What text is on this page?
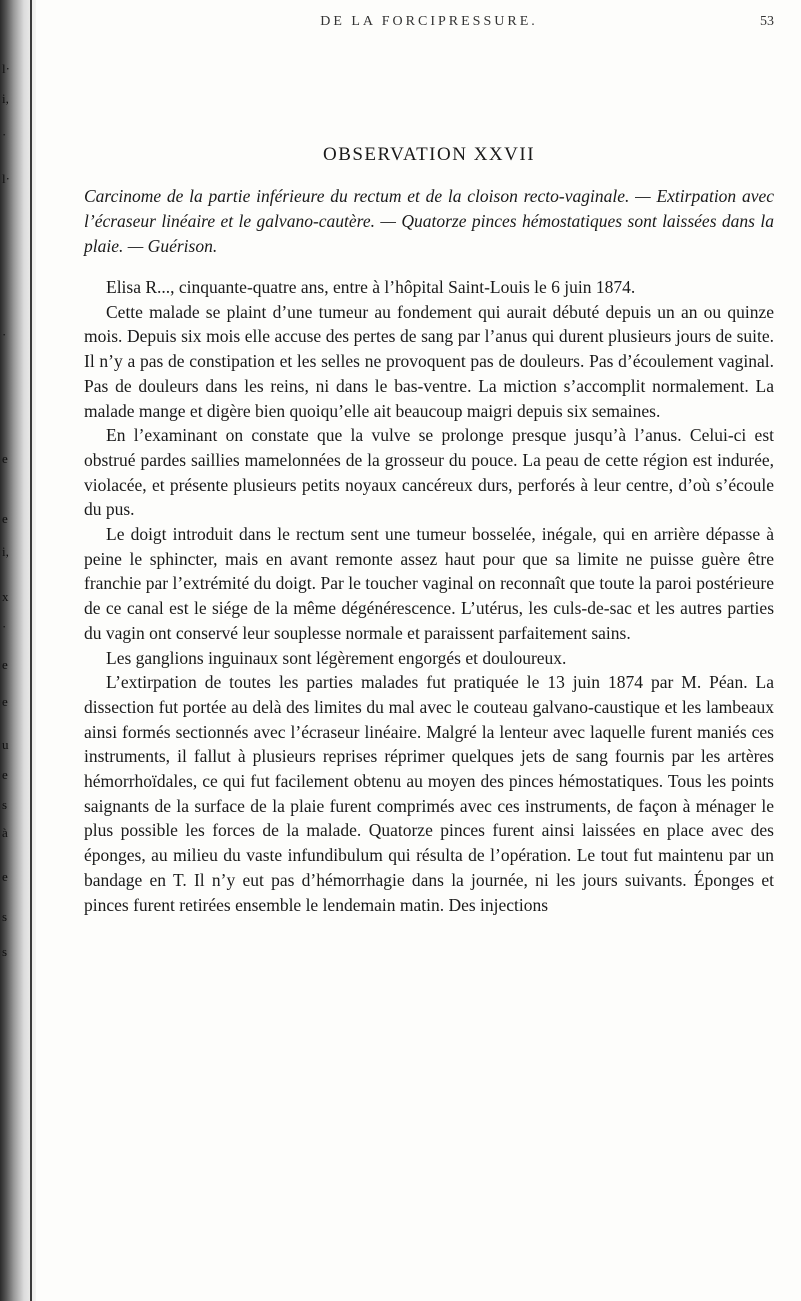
l·
i,
·
l·
·
e
e
i,
x
·
e
e
u
e
s
à
e
s
s
DE LA FORCIPRESSURE.	53
OBSERVATION XXVII
Carcinome de la partie inférieure du rectum et de la cloison recto-vaginale. — Extirpation avec l’écraseur linéaire et le galvano-cautère. — Quatorze pinces hémostatiques sont laissées dans la plaie. — Guérison.

Elisa R..., cinquante-quatre ans, entre à l’hôpital Saint-Louis le 6 juin 1874.

Cette malade se plaint d’une tumeur au fondement qui aurait débuté depuis un an ou quinze mois. Depuis six mois elle accuse des pertes de sang par l’anus qui durent plusieurs jours de suite. Il n’y a pas de constipation et les selles ne provoquent pas de douleurs. Pas d’écoulement vaginal. Pas de douleurs dans les reins, ni dans le bas-ventre. La miction s’accomplit normalement. La malade mange et digère bien quoiqu’elle ait beaucoup maigri depuis six semaines.

En l’examinant on constate que la vulve se prolonge presque jusqu’à l’anus. Celui-ci est obstrué pardes saillies mamelonnées de la grosseur du pouce. La peau de cette région est indurée, violacée, et présente plusieurs petits noyaux cancéreux durs, perforés à leur centre, d’où s’écoule du pus.

Le doigt introduit dans le rectum sent une tumeur bosselée, inégale, qui en arrière dépasse à peine le sphincter, mais en avant remonte assez haut pour que sa limite ne puisse guère être franchie par l’extrémité du doigt. Par le toucher vaginal on reconnaît que toute la paroi postérieure de ce canal est le siége de la même dégénérescence. L’utérus, les culs-de-sac et les autres parties du vagin ont conservé leur souplesse normale et paraissent parfaitement sains.

Les ganglions inguinaux sont légèrement engorgés et douloureux.

L’extirpation de toutes les parties malades fut pratiquée le 13 juin 1874 par M. Péan. La dissection fut portée au delà des limites du mal avec le couteau galvano-caustique et les lambeaux ainsi formés sectionnés avec l’écraseur linéaire. Malgré la lenteur avec laquelle furent maniés ces instruments, il fallut à plusieurs reprises réprimer quelques jets de sang fournis par les artères hémorrhoïdales, ce qui fut facilement obtenu au moyen des pinces hémostatiques. Tous les points saignants de la surface de la plaie furent comprimés avec ces instruments, de façon à ménager le plus possible les forces de la malade. Quatorze pinces furent ainsi laissées en place avec des éponges, au milieu du vaste infundibulum qui résulta de l’opération. Le tout fut maintenu par un bandage en T. Il n’y eut pas d’hémorrhagie dans la journée, ni les jours suivants. Éponges et pinces furent retirées ensemble le lendemain matin. Des injections
